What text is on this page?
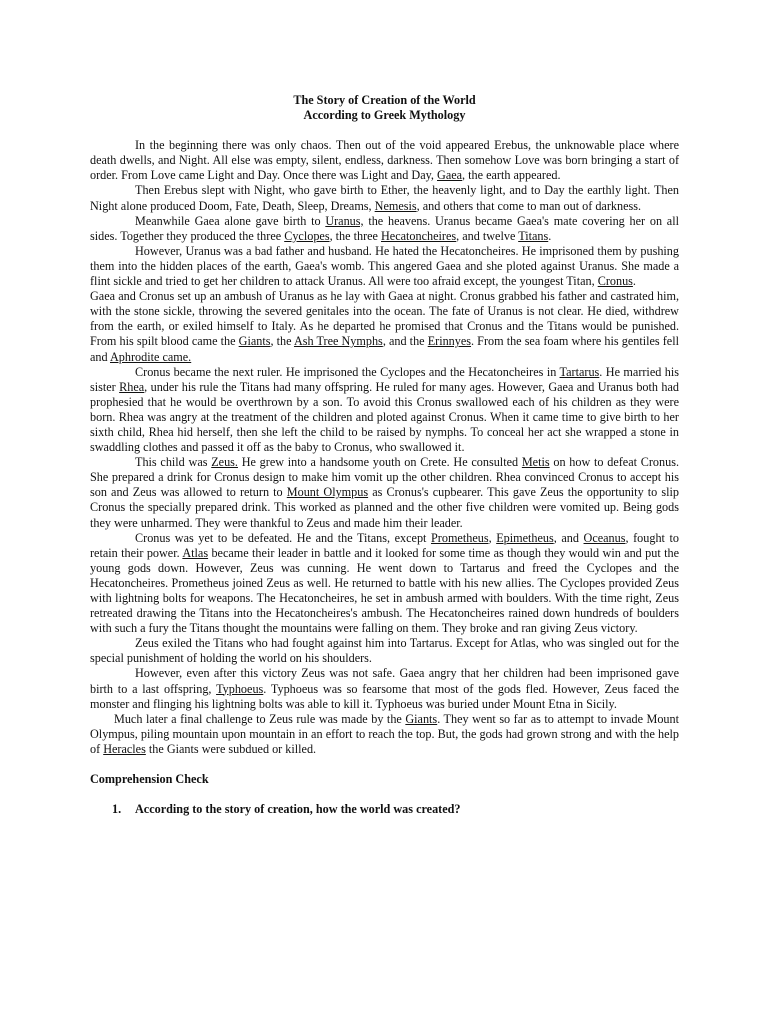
The Story of Creation of the World

According to Greek Mythology

In the beginning there was only chaos. Then out of the void appeared Erebus, the unknowable place where death dwells, and Night. All else was empty, silent, endless, darkness. Then somehow Love was born bringing a start of order. From Love came Light and Day. Once there was Light and Day, Gaea, the earth appeared.

Then Erebus slept with Night, who gave birth to Ether, the heavenly light, and to Day the earthly light. Then Night alone produced Doom, Fate, Death, Sleep, Dreams, Nemesis, and others that come to man out of darkness.

Meanwhile Gaea alone gave birth to Uranus, the heavens. Uranus became Gaea's mate covering her on all sides. Together they produced the three Cyclopes, the three Hecatoncheires, and twelve Titans.

However, Uranus was a bad father and husband. He hated the Hecatoncheires. He imprisoned them by pushing them into the hidden places of the earth, Gaea's womb. This angered Gaea and she ploted against Uranus. She made a flint sickle and tried to get her children to attack Uranus. All were too afraid except, the youngest Titan, Cronus.

Gaea and Cronus set up an ambush of Uranus as he lay with Gaea at night. Cronus grabbed his father and castrated him, with the stone sickle, throwing the severed genitales into the ocean. The fate of Uranus is not clear. He died, withdrew from the earth, or exiled himself to Italy. As he departed he promised that Cronus and the Titans would be punished. From his spilt blood came the Giants, the Ash Tree Nymphs, and the Erinnyes. From the sea foam where his gentiles fell and Aphrodite came.

Cronus became the next ruler. He imprisoned the Cyclopes and the Hecatoncheires in Tartarus. He married his sister Rhea, under his rule the Titans had many offspring. He ruled for many ages. However, Gaea and Uranus both had prophesied that he would be overthrown by a son. To avoid this Cronus swallowed each of his children as they were born. Rhea was angry at the treatment of the children and ploted against Cronus. When it came time to give birth to her sixth child, Rhea hid herself, then she left the child to be raised by nymphs. To conceal her act she wrapped a stone in swaddling clothes and passed it off as the baby to Cronus, who swallowed it.

This child was Zeus. He grew into a handsome youth on Crete. He consulted Metis on how to defeat Cronus. She prepared a drink for Cronus design to make him vomit up the other children. Rhea convinced Cronus to accept his son and Zeus was allowed to return to Mount Olympus as Cronus's cupbearer. This gave Zeus the opportunity to slip Cronus the specially prepared drink. This worked as planned and the other five children were vomited up. Being gods they were unharmed. They were thankful to Zeus and made him their leader.

Cronus was yet to be defeated. He and the Titans, except Prometheus, Epimetheus, and Oceanus, fought to retain their power. Atlas became their leader in battle and it looked for some time as though they would win and put the young gods down. However, Zeus was cunning. He went down to Tartarus and freed the Cyclopes and the Hecatoncheires. Prometheus joined Zeus as well. He returned to battle with his new allies. The Cyclopes provided Zeus with lightning bolts for weapons. The Hecatoncheires, he set in ambush armed with boulders. With the time right, Zeus retreated drawing the Titans into the Hecatoncheires's ambush. The Hecatoncheires rained down hundreds of boulders with such a fury the Titans thought the mountains were falling on them. They broke and ran giving Zeus victory.

Zeus exiled the Titans who had fought against him into Tartarus. Except for Atlas, who was singled out for the special punishment of holding the world on his shoulders.

However, even after this victory Zeus was not safe. Gaea angry that her children had been imprisoned gave birth to a last offspring, Typhoeus. Typhoeus was so fearsome that most of the gods fled. However, Zeus faced the monster and flinging his lightning bolts was able to kill it. Typhoeus was buried under Mount Etna in Sicily.

Much later a final challenge to Zeus rule was made by the Giants. They went so far as to attempt to invade Mount Olympus, piling mountain upon mountain in an effort to reach the top. But, the gods had grown strong and with the help of Heracles the Giants were subdued or killed.

Comprehension Check

1. According to the story of creation, how the world was created?
